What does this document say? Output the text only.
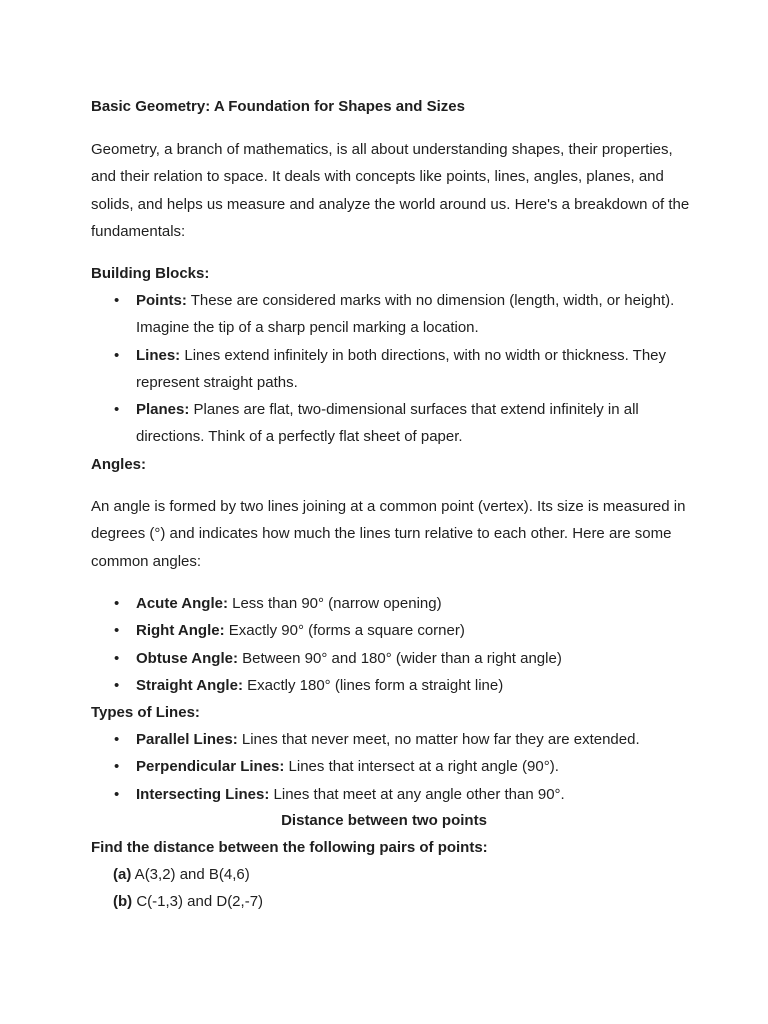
Basic Geometry: A Foundation for Shapes and Sizes

Geometry, a branch of mathematics, is all about understanding shapes, their properties, and their relation to space. It deals with concepts like points, lines, angles, planes, and solids, and helps us measure and analyze the world around us. Here's a breakdown of the fundamentals:

Building Blocks:

• Points: These are considered marks with no dimension (length, width, or height). Imagine the tip of a sharp pencil marking a location.
• Lines: Lines extend infinitely in both directions, with no width or thickness. They represent straight paths.
• Planes: Planes are flat, two-dimensional surfaces that extend infinitely in all directions. Think of a perfectly flat sheet of paper.

Angles:

An angle is formed by two lines joining at a common point (vertex). Its size is measured in degrees (°) and indicates how much the lines turn relative to each other. Here are some common angles:

• Acute Angle: Less than 90° (narrow opening)
• Right Angle: Exactly 90° (forms a square corner)
• Obtuse Angle: Between 90° and 180° (wider than a right angle)
• Straight Angle: Exactly 180° (lines form a straight line)

Types of Lines:

• Parallel Lines: Lines that never meet, no matter how far they are extended.
• Perpendicular Lines: Lines that intersect at a right angle (90°).
• Intersecting Lines: Lines that meet at any angle other than 90°.

Distance between two points

Find the distance between the following pairs of points:

(a) A(3,2) and B(4,6)

(b) C(-1,3) and D(2,-7)
